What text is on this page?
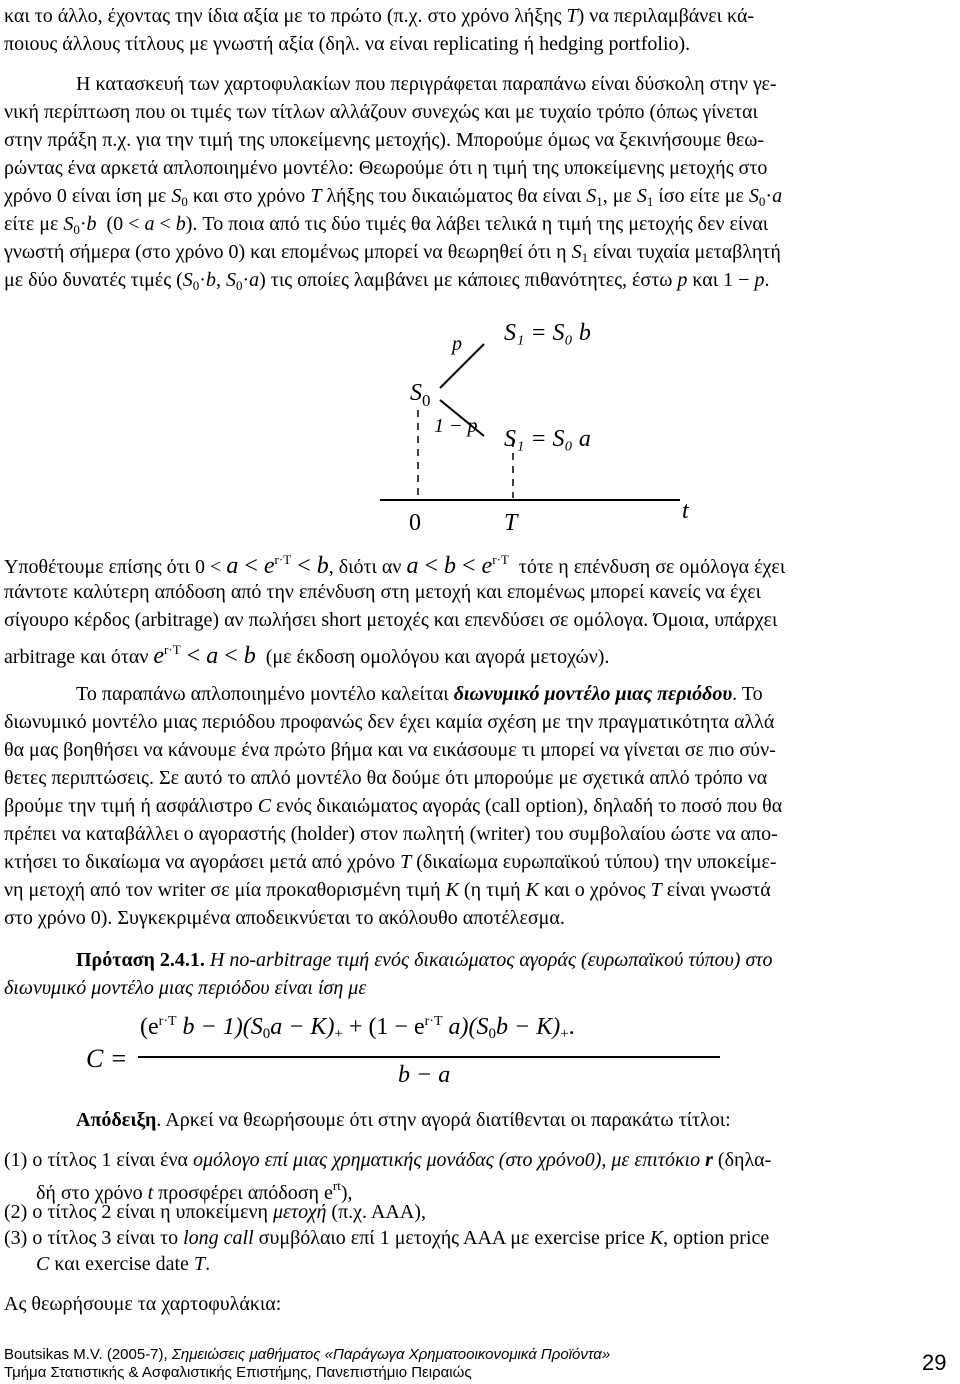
και το άλλο, έχοντας την ίδια αξία με το πρώτο (π.χ. στο χρόνο λήξης T) να περιλαμβάνει κά-
ποιους άλλους τίτλους με γνωστή αξία (δηλ. να είναι replicating ή hedging portfolio).
Η κατασκευή των χαρτοφυλακίων που περιγράφεται παραπάνω είναι δύσκολη στην γε-
νική περίπτωση που οι τιμές των τίτλων αλλάζουν συνεχώς και με τυχαίο τρόπο (όπως γίνεται
στην πράξη π.χ. για την τιμή της υποκείμενης μετοχής). Μπορούμε όμως να ξεκινήσουμε θεω-
ρώντας ένα αρκετά απλοποιημένο μοντέλο: Θεωρούμε ότι η τιμή της υποκείμενης μετοχής στο
χρόνο 0 είναι ίση με $S_0$ και στο χρόνο T λήξης του δικαιώματος θα είναι $S_1$, με $S_1$ ίσο είτε με $S_0\cdot a$
είτε με $S_0\cdot b$ (0 < a < b). Το ποια από τις δύο τιμές θα λάβει τελικά η τιμή της μετοχής δεν είναι
γνωστή σήμερα (στο χρόνο 0) και επομένως μπορεί να θεωρηθεί ότι η $S_1$ είναι τυχαία μεταβλητή
με δύο δυνατές τιμές ($S_0\cdot b$, $S_0\cdot a$) τις οποίες λαμβάνει με κάποιες πιθανότητες, έστω p και 1 − p.
$S_0$
p
1 − p
S₁ = S₀ b
S₁ = S₀ a
0	T	t
Υποθέτουμε επίσης ότι $0 < a < e^{r\cdot T} < b$, διότι αν $a < b < e^{r\cdot T}$ τότε η επένδυση σε ομόλογα έχει
πάντοτε καλύτερη απόδοση από την επένδυση στη μετοχή και επομένως μπορεί κανείς να έχει
σίγουρο κέρδος (arbitrage) αν πωλήσει short μετοχές και επενδύσει σε ομόλογα. Όμοια, υπάρχει
arbitrage και όταν $e^{r\cdot T} < a < b$ (με έκδοση ομολόγου και αγορά μετοχών).
Το παραπάνω απλοποιημένο μοντέλο καλείται διωνυμικό μοντέλο μιας περιόδου. Το
διωνυμικό μοντέλο μιας περιόδου προφανώς δεν έχει καμία σχέση με την πραγματικότητα αλλά
θα μας βοηθήσει να κάνουμε ένα πρώτο βήμα και να εικάσουμε τι μπορεί να γίνεται σε πιο σύν-
θετες περιπτώσεις. Σε αυτό το απλό μοντέλο θα δούμε ότι μπορούμε με σχετικά απλό τρόπο να
βρούμε την τιμή ή ασφάλιστρο C ενός δικαιώματος αγοράς (call option), δηλαδή το ποσό που θα
πρέπει να καταβάλλει ο αγοραστής (holder) στον πωλητή (writer) του συμβολαίου ώστε να απο-
κτήσει το δικαίωμα να αγοράσει μετά από χρόνο T (δικαίωμα ευρωπαϊκού τύπου) την υποκείμε-
νη μετοχή από τον writer σε μία προκαθορισμένη τιμή K (η τιμή K και ο χρόνος T είναι γνωστά
στο χρόνο 0). Συγκεκριμένα αποδεικνύεται το ακόλουθο αποτέλεσμα.
Πρόταση 2.4.1. Η no-arbitrage τιμή ενός δικαιώματος αγοράς (ευρωπαϊκού τύπου) στο
διωνυμικό μοντέλο μιας περιόδου είναι ίση με
C =
($e^{r\cdot T}$ $b - 1)(S_0a - K)_+ + (1 - e^{r\cdot T}$ $a)(S_0b - K)_+$.
b − a
Απόδειξη. Αρκεί να θεωρήσουμε ότι στην αγορά διατίθενται οι παρακάτω τίτλοι:
(1) ο τίτλος 1 είναι ένα ομόλογο επί μιας χρηματικής μονάδας (στο χρόνο0), με επιτόκιο r (δηλα-
δή στο χρόνο t προσφέρει απόδοση $e^{rt}$),
(2) ο τίτλος 2 είναι η υποκείμενη μετοχή (π.χ. ΑΑΑ),
(3) ο τίτλος 3 είναι το long call συμβόλαιο επί 1 μετοχής ΑΑΑ με exercise price K, option price
C και exercise date T.
Ας θεωρήσουμε τα χαρτοφυλάκια:
Boutsikas M.V. (2005-7), Σημειώσεις μαθήματος «Παράγωγα Χρηματοοικονομικά Προϊόντα»
Τμήμα Στατιστικής & Ασφαλιστικής Επιστήμης, Πανεπιστήμιο Πειραιώς	29
